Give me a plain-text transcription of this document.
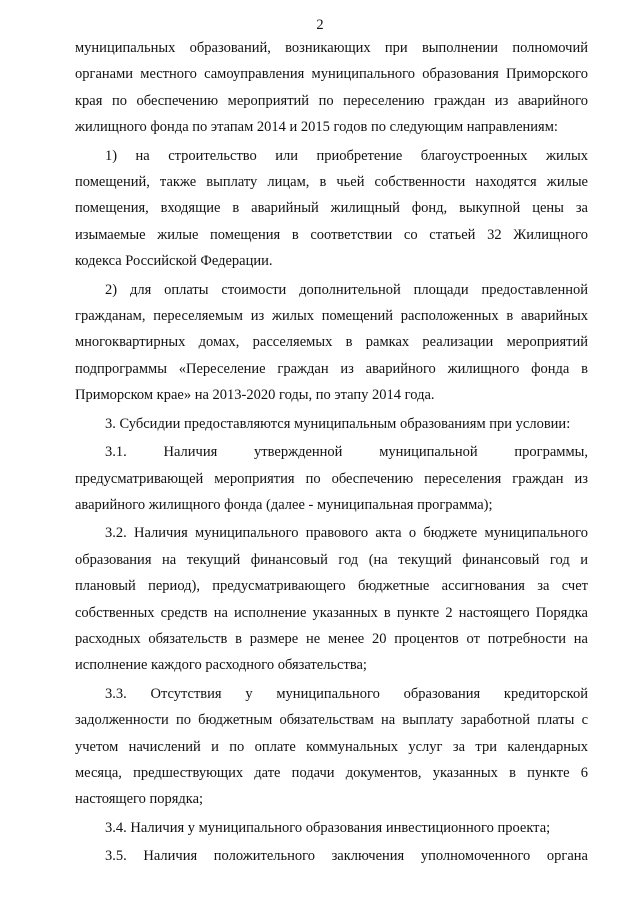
2

муниципальных образований, возникающих при выполнении полномочий
органами местного самоуправления муниципального образования Приморского
края по обеспечению мероприятий по переселению граждан из аварийного
жилищного фонда по этапам 2014 и 2015 годов по следующим направлениям:

1) на строительство или приобретение благоустроенных жилых
помещений, также выплату лицам, в чьей собственности находятся жилые
помещения, входящие в аварийный жилищный фонд, выкупной цены за
изымаемые жилые помещения в соответствии со статьей 32 Жилищного
кодекса Российской Федерации.

2) для оплаты стоимости дополнительной площади предоставленной
гражданам, переселяемым из жилых помещений расположенных в аварийных
многоквартирных домах, расселяемых в рамках реализации мероприятий
подпрограммы «Переселение граждан из аварийного жилищного фонда в
Приморском крае» на 2013-2020 годы, по этапу 2014 года.

3. Субсидии предоставляются муниципальным образованиям при условии:

3.1. Наличия утвержденной муниципальной программы,
предусматривающей мероприятия по обеспечению переселения граждан из
аварийного жилищного фонда (далее - муниципальная программа);

3.2. Наличия муниципального правового акта о бюджете муниципального
образования на текущий финансовый год (на текущий финансовый год и
плановый период), предусматривающего бюджетные ассигнования за счет
собственных средств на исполнение указанных в пункте 2 настоящего Порядка
расходных обязательств в размере не менее 20 процентов от потребности на
исполнение каждого расходного обязательства;

3.3. Отсутствия у муниципального образования кредиторской
задолженности по бюджетным обязательствам на выплату заработной платы с
учетом начислений и по оплате коммунальных услуг за три календарных
месяца, предшествующих дате подачи документов, указанных в пункте 6
настоящего порядка;

3.4. Наличия у муниципального образования инвестиционного проекта;

3.5. Наличия положительного заключения уполномоченного органа
